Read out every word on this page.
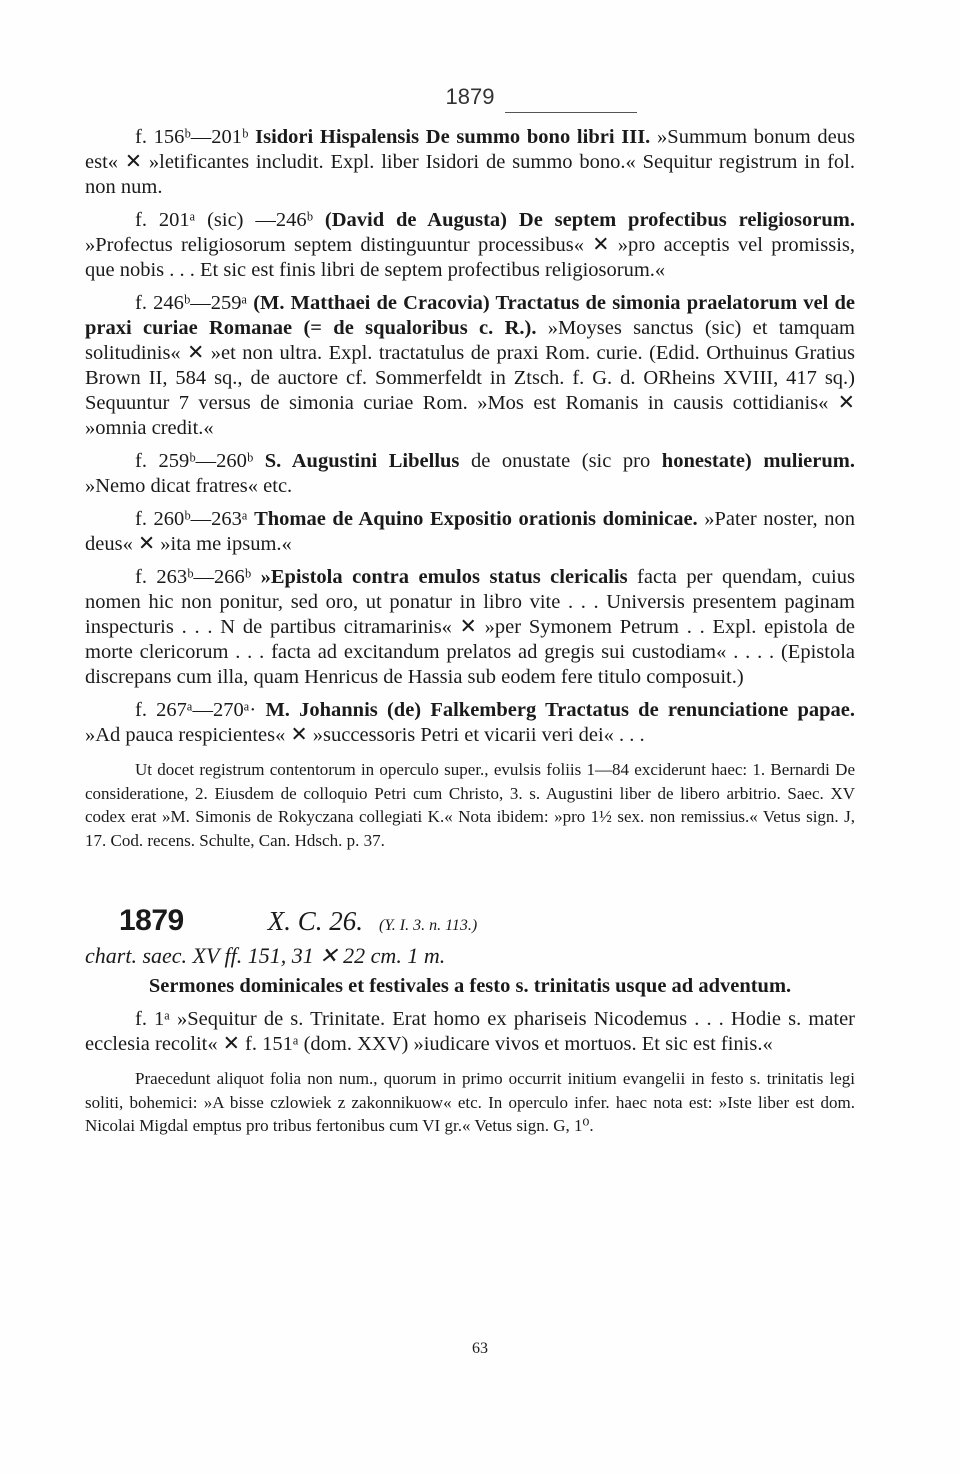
1879

f. 156ᵇ—201ᵇ Isidori Hispalensis De summo bono libri III. »Summum bonum deus est« ✕ »letificantes includit. Expl. liber Isidori de summo bono.« Sequitur registrum in fol. non num.

f. 201ᵃ (sic) —246ᵇ (David de Augusta) De septem profectibus religiosorum. »Profectus religiosorum septem distinguuntur processibus« ✕ »pro acceptis vel promissis, que nobis . . . Et sic est finis libri de septem profectibus religiosorum.«

f. 246ᵇ—259ᵃ (M. Matthaei de Cracovia) Tractatus de simonia praelatorum vel de praxi curiae Romanae (= de squaloribus c. R.). »Moyses sanctus (sic) et tamquam solitudinis« ✕ »et non ultra. Expl. tractatulus de praxi Rom. curie. (Edid. Orthuinus Gratius Brown II, 584 sq., de auctore cf. Sommerfeldt in Ztsch. f. G. d. ORheins XVIII, 417 sq.) Sequuntur 7 versus de simonia curiae Rom. »Mos est Romanis in causis cottidianis« ✕ »omnia credit.«

f. 259ᵇ—260ᵇ S. Augustini Libellus de onustate (sic pro honestate) mulierum. »Nemo dicat fratres« etc.

f. 260ᵇ—263ᵃ Thomae de Aquino Expositio orationis dominicae. »Pater noster, non deus« ✕ »ita me ipsum.«

f. 263ᵇ—266ᵇ »Epistola contra emulos status clericalis facta per quendam, cuius nomen hic non ponitur, sed oro, ut ponatur in libro vite . . . Universis presentem paginam inspecturis . . . N de partibus citramarinis« ✕ »per Symonem Petrum . . Expl. epistola de morte clericorum . . . facta ad excitandum prelatos ad gregis sui custodiam« . . . . (Epistola discrepans cum illa, quam Henricus de Hassia sub eodem fere titulo composuit.)

f. 267ᵃ—270ᵃ· M. Johannis (de) Falkemberg Tractatus de renunciatione papae. »Ad pauca respicientes« ✕ »successoris Petri et vicarii veri dei« . . .

Ut docet registrum contentorum in operculo super., evulsis foliis 1—84 exciderunt haec: 1. Bernardi De consideratione, 2. Eiusdem de colloquio Petri cum Christo, 3. s. Augustini liber de libero arbitrio. Saec. XV codex erat »M. Simonis de Rokyczana collegiati K.« Nota ibidem: »pro 1½ sex. non remissius.« Vetus sign. J, 17. Cod. recens. Schulte, Can. Hdsch. p. 37.

1879	X. C. 26. (Y. I. 3. n. 113.)
chart. saec. XV ff. 151, 31 ✕ 22 cm. 1 m.
Sermones dominicales et festivales a festo s. trinitatis usque ad adventum.

f. 1ᵃ »Sequitur de s. Trinitate. Erat homo ex phariseis Nicodemus . . . Hodie s. mater ecclesia recolit« ✕ f. 151ᵃ (dom. XXV) »iudicare vivos et mortuos. Et sic est finis.«

Praecedunt aliquot folia non num., quorum in primo occurrit initium evangelii in festo s. trinitatis legi soliti, bohemici: »A bisse czlowiek z zakonnikuow« etc. In operculo infer. haec nota est: »Iste liber est dom. Nicolai Migdal emptus pro tribus fertonibus cum VI gr.« Vetus sign. G, 1⁰.

63
